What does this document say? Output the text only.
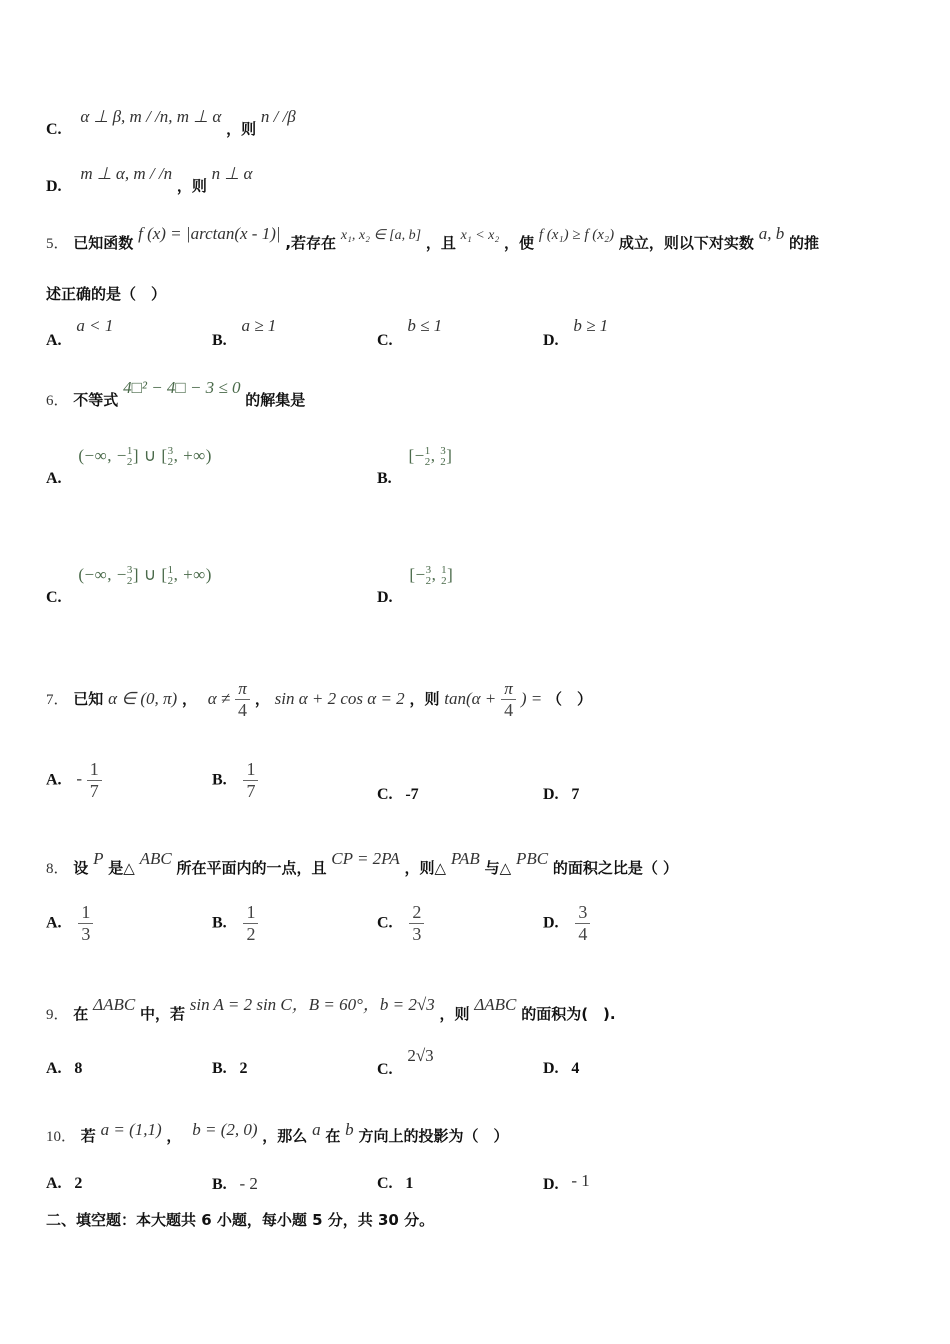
C. α ⊥ β, m / /n, m ⊥ α ，则 n / /β
D. m ⊥ α, m / /n ，则 n ⊥ α
5． 已知函数 f (x) = |arctan(x - 1)| ,若存在 x₁, x₂ ∈ [a, b] ，且 x₁ < x₂ ，使 f (x₁) ≥ f (x₂) 成立，则以下对实数 a, b 的推
述正确的是（　）
A. a < 1
B. a ≥ 1
C. b ≤ 1
D. b ≥ 1
6． 不等式 4□² − 4□ − 3 ≤ 0 的解集是
A. (−∞, − 1
2 ] ∪ [ 3
2 , +∞)
B. [− 1
2 , 3
2 ]
C. (−∞, − 3
2 ] ∪ [ 1
2 , +∞)
D. [− 3
2 , 1
2 ]
7． 已知 α ∈ (0, π) ， $\alpha \ne \frac{\pi}{4}$ ， sin α + 2 cos α = 2 ，则 $\tan(\alpha + \frac{\pi}{4}$ ) = （　）
A. - $\frac{1}{7}$	B. $\frac{1}{7}$	C. -7	D. 7
8． 设 P 是△ ABC 所在平面内的一点，且 CP = 2PA ，则△ PAB 与△ PBC 的面积之比是（ ）
A. $\frac{1}{3}$	B. $\frac{1}{2}$	C. $\frac{2}{3}$	D. $\frac{3}{4}$
9． 在 ΔABC 中，若 sin A = 2 sin C，B = 60°，b = 2√3 ，则 ΔABC 的面积为(　).
A. 8	B. 2	C. 2√3
D. 4
10． 若 a = (1,1) ， b = (2, 0) ，那么 a 在 b 方向上的投影为（　）
A. 2	B. - 2	C. 1	D. - 1
二、填空题：本大题共 6 小题，每小题 5 分，共 30 分。
